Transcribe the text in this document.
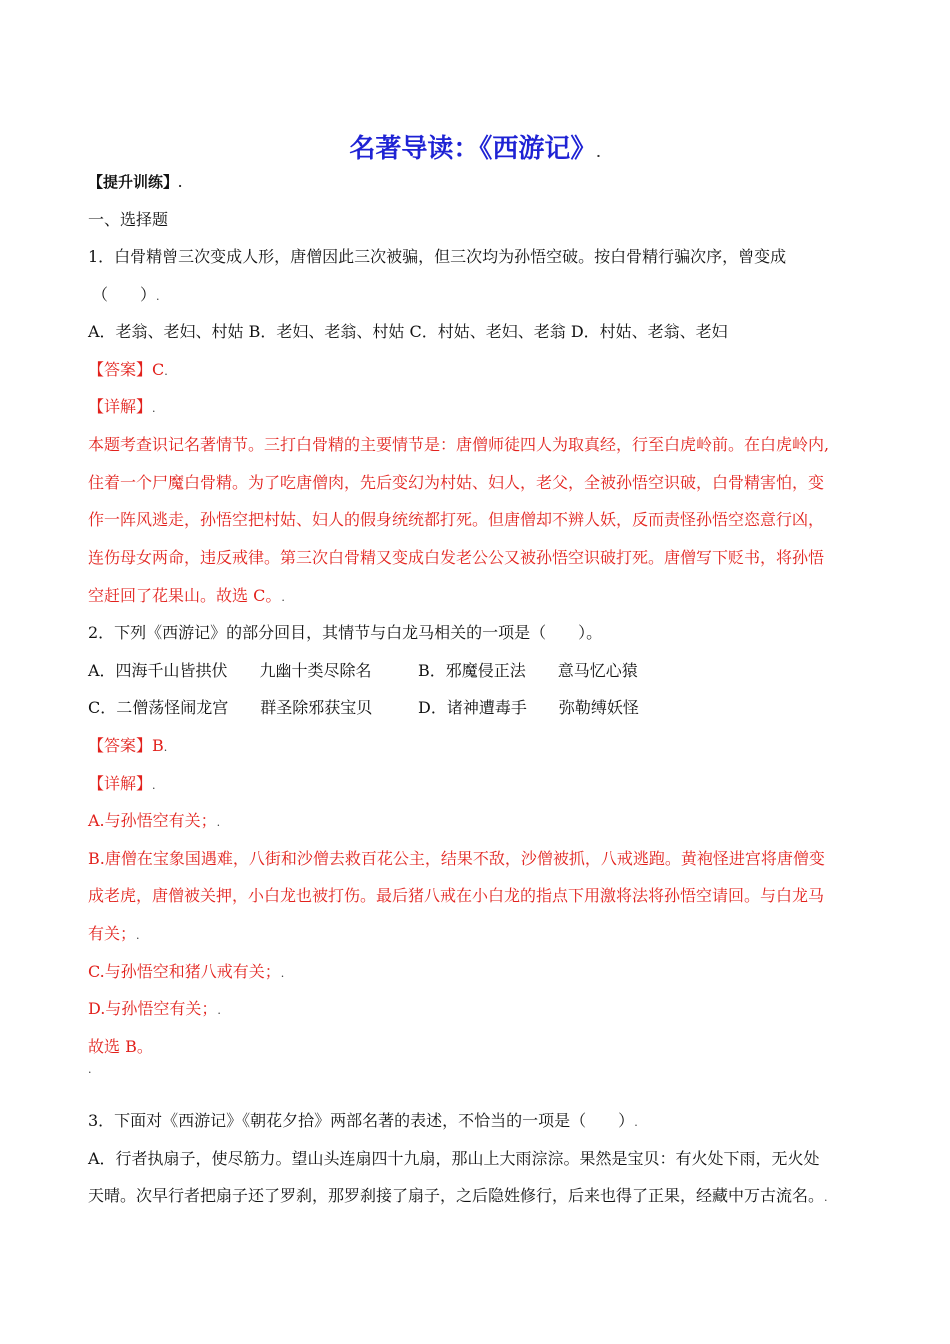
名著导读：《西游记》.
【提升训练】.
一、选择题
1．白骨精曾三次变成人形，唐僧因此三次被骗，但三次均为孙悟空破。按白骨精行骗次序，曾变成
（　　）.
A．老翁、老妇、村姑 B．老妇、老翁、村姑 C．村姑、老妇、老翁 D．村姑、老翁、老妇
【答案】C.
【详解】.
本题考查识记名著情节。三打白骨精的主要情节是：唐僧师徒四人为取真经，行至白虎岭前。在白虎岭内,
住着一个尸魔白骨精。为了吃唐僧肉，先后变幻为村姑、妇人，老父，全被孙悟空识破，白骨精害怕，变
作一阵风逃走，孙悟空把村姑、妇人的假身统统都打死。但唐僧却不辨人妖，反而责怪孙悟空恣意行凶，
连伤母女两命，违反戒律。第三次白骨精又变成白发老公公又被孙悟空识破打死。唐僧写下贬书，将孙悟
空赶回了花果山。故选 C。.
2．下列《西游记》的部分回目，其情节与白龙马相关的一项是（　　）。
A．四海千山皆拱伏　　九幽十类尽除名	B．邪魔侵正法　　意马忆心猿
C．二僧荡怪闹龙宫　　群圣除邪获宝贝	D．诸神遭毒手　　弥勒缚妖怪
【答案】B.
【详解】.
A.与孙悟空有关；.
B.唐僧在宝象国遇难，八街和沙僧去救百花公主，结果不敌，沙僧被抓，八戒逃跑。黄袍怪进宫将唐僧变
成老虎，唐僧被关押，小白龙也被打伤。最后猪八戒在小白龙的指点下用激将法将孙悟空请回。与白龙马
有关；.
C.与孙悟空和猪八戒有关；.
D.与孙悟空有关；.
故选 B。
.
3．下面对《西游记》《朝花夕拾》两部名著的表述，不恰当的一项是（　　）.
A．行者执扇子，使尽筋力。望山头连扇四十九扇，那山上大雨淙淙。果然是宝贝：有火处下雨，无火处
天晴。次早行者把扇子还了罗刹，那罗刹接了扇子，之后隐姓修行，后来也得了正果，经藏中万古流名。.
